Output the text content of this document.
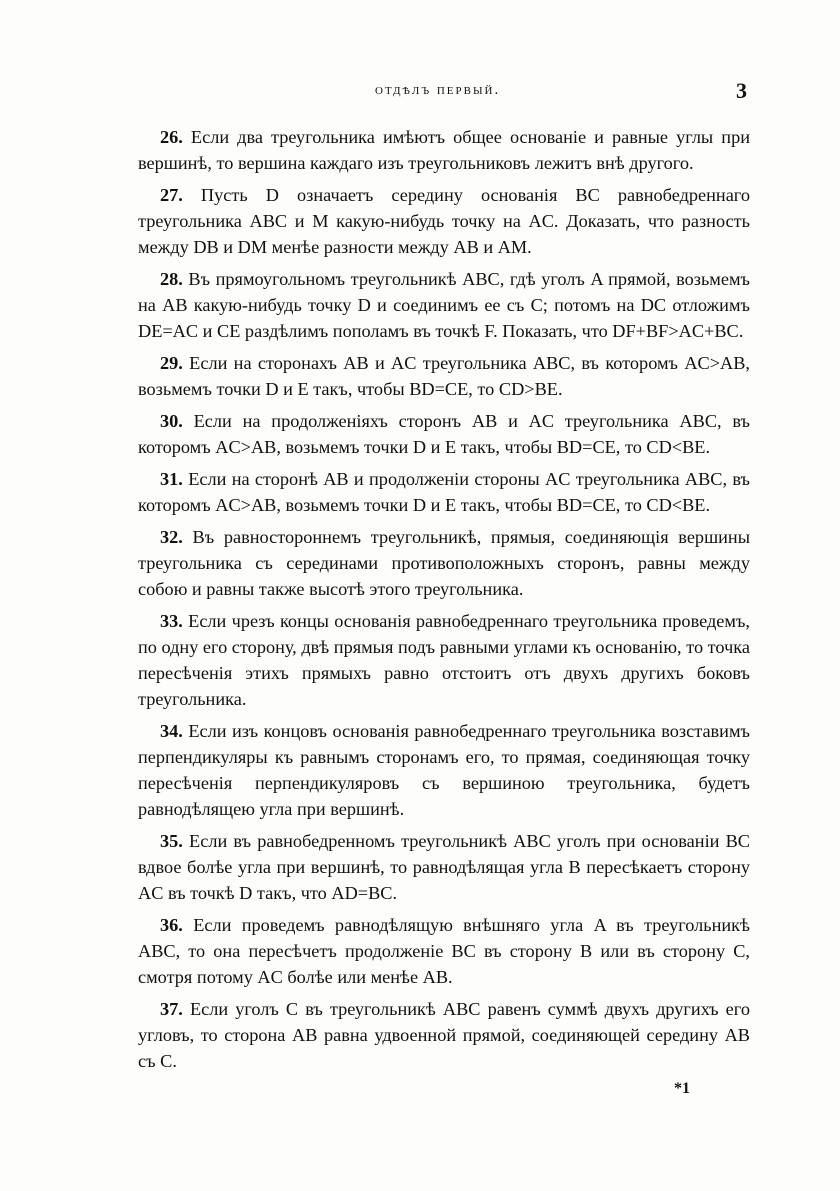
отдѣлъ первый.	3

26. Если два треугольника имѣютъ общее основаніе и равные углы при вершинѣ, то вершина каждаго изъ треугольниковъ лежитъ внѣ другого.

27. Пусть D означаетъ середину основанія BC равнобедреннаго треугольника ABC и M какую-нибудь точку на AC. Доказать, что разность между DB и DM менѣе разности между AB и AM.

28. Въ прямоугольномъ треугольникѣ ABC, гдѣ уголъ A прямой, возьмемъ на AB какую-нибудь точку D и соединимъ ее съ C; потомъ на DC отложимъ DE=AC и CE раздѣлимъ пополамъ въ точкѣ F. Показать, что DF+BF>AC+BC.

29. Если на сторонахъ AB и AC треугольника ABC, въ которомъ AC>AB, возьмемъ точки D и E такъ, чтобы BD=CE, то CD>BE.

30. Если на продолженіяхъ сторонъ AB и AC треугольника ABC, въ которомъ AC>AB, возьмемъ точки D и E такъ, чтобы BD=CE, то CD<BE.

31. Если на сторонѣ AB и продолженіи стороны AC треугольника ABC, въ которомъ AC>AB, возьмемъ точки D и E такъ, чтобы BD=CE, то CD<BE.

32. Въ равностороннемъ треугольникѣ, прямыя, соединяющія вершины треугольника съ серединами противоположныхъ сторонъ, равны между собою и равны также высотѣ этого треугольника.

33. Если чрезъ концы основанія равнобедреннаго треугольника проведемъ, по одну его сторону, двѣ прямыя подъ равными углами къ основанію, то точка пересѣченія этихъ прямыхъ равно отстоитъ отъ двухъ другихъ боковъ треугольника.

34. Если изъ концовъ основанія равнобедреннаго треугольника возставимъ перпендикуляры къ равнымъ сторонамъ его, то прямая, соединяющая точку пересѣченія перпендикуляровъ съ вершиною треугольника, будетъ равнодѣлящею угла при вершинѣ.

35. Если въ равнобедренномъ треугольникѣ ABC уголъ при основаніи BC вдвое болѣе угла при вершинѣ, то равнодѣлящая угла B пересѣкаетъ сторону AC въ точкѣ D такъ, что AD=BC.

36. Если проведемъ равнодѣлящую внѣшняго угла A въ треугольникѣ ABC, то она пересѣчетъ продолженіе BC въ сторону B или въ сторону C, смотря потому AC болѣе или менѣе AB.

37. Если уголъ C въ треугольникѣ ABC равенъ суммѣ двухъ другихъ его угловъ, то сторона AB равна удвоенной прямой, соединяющей середину AB съ C.

*1
